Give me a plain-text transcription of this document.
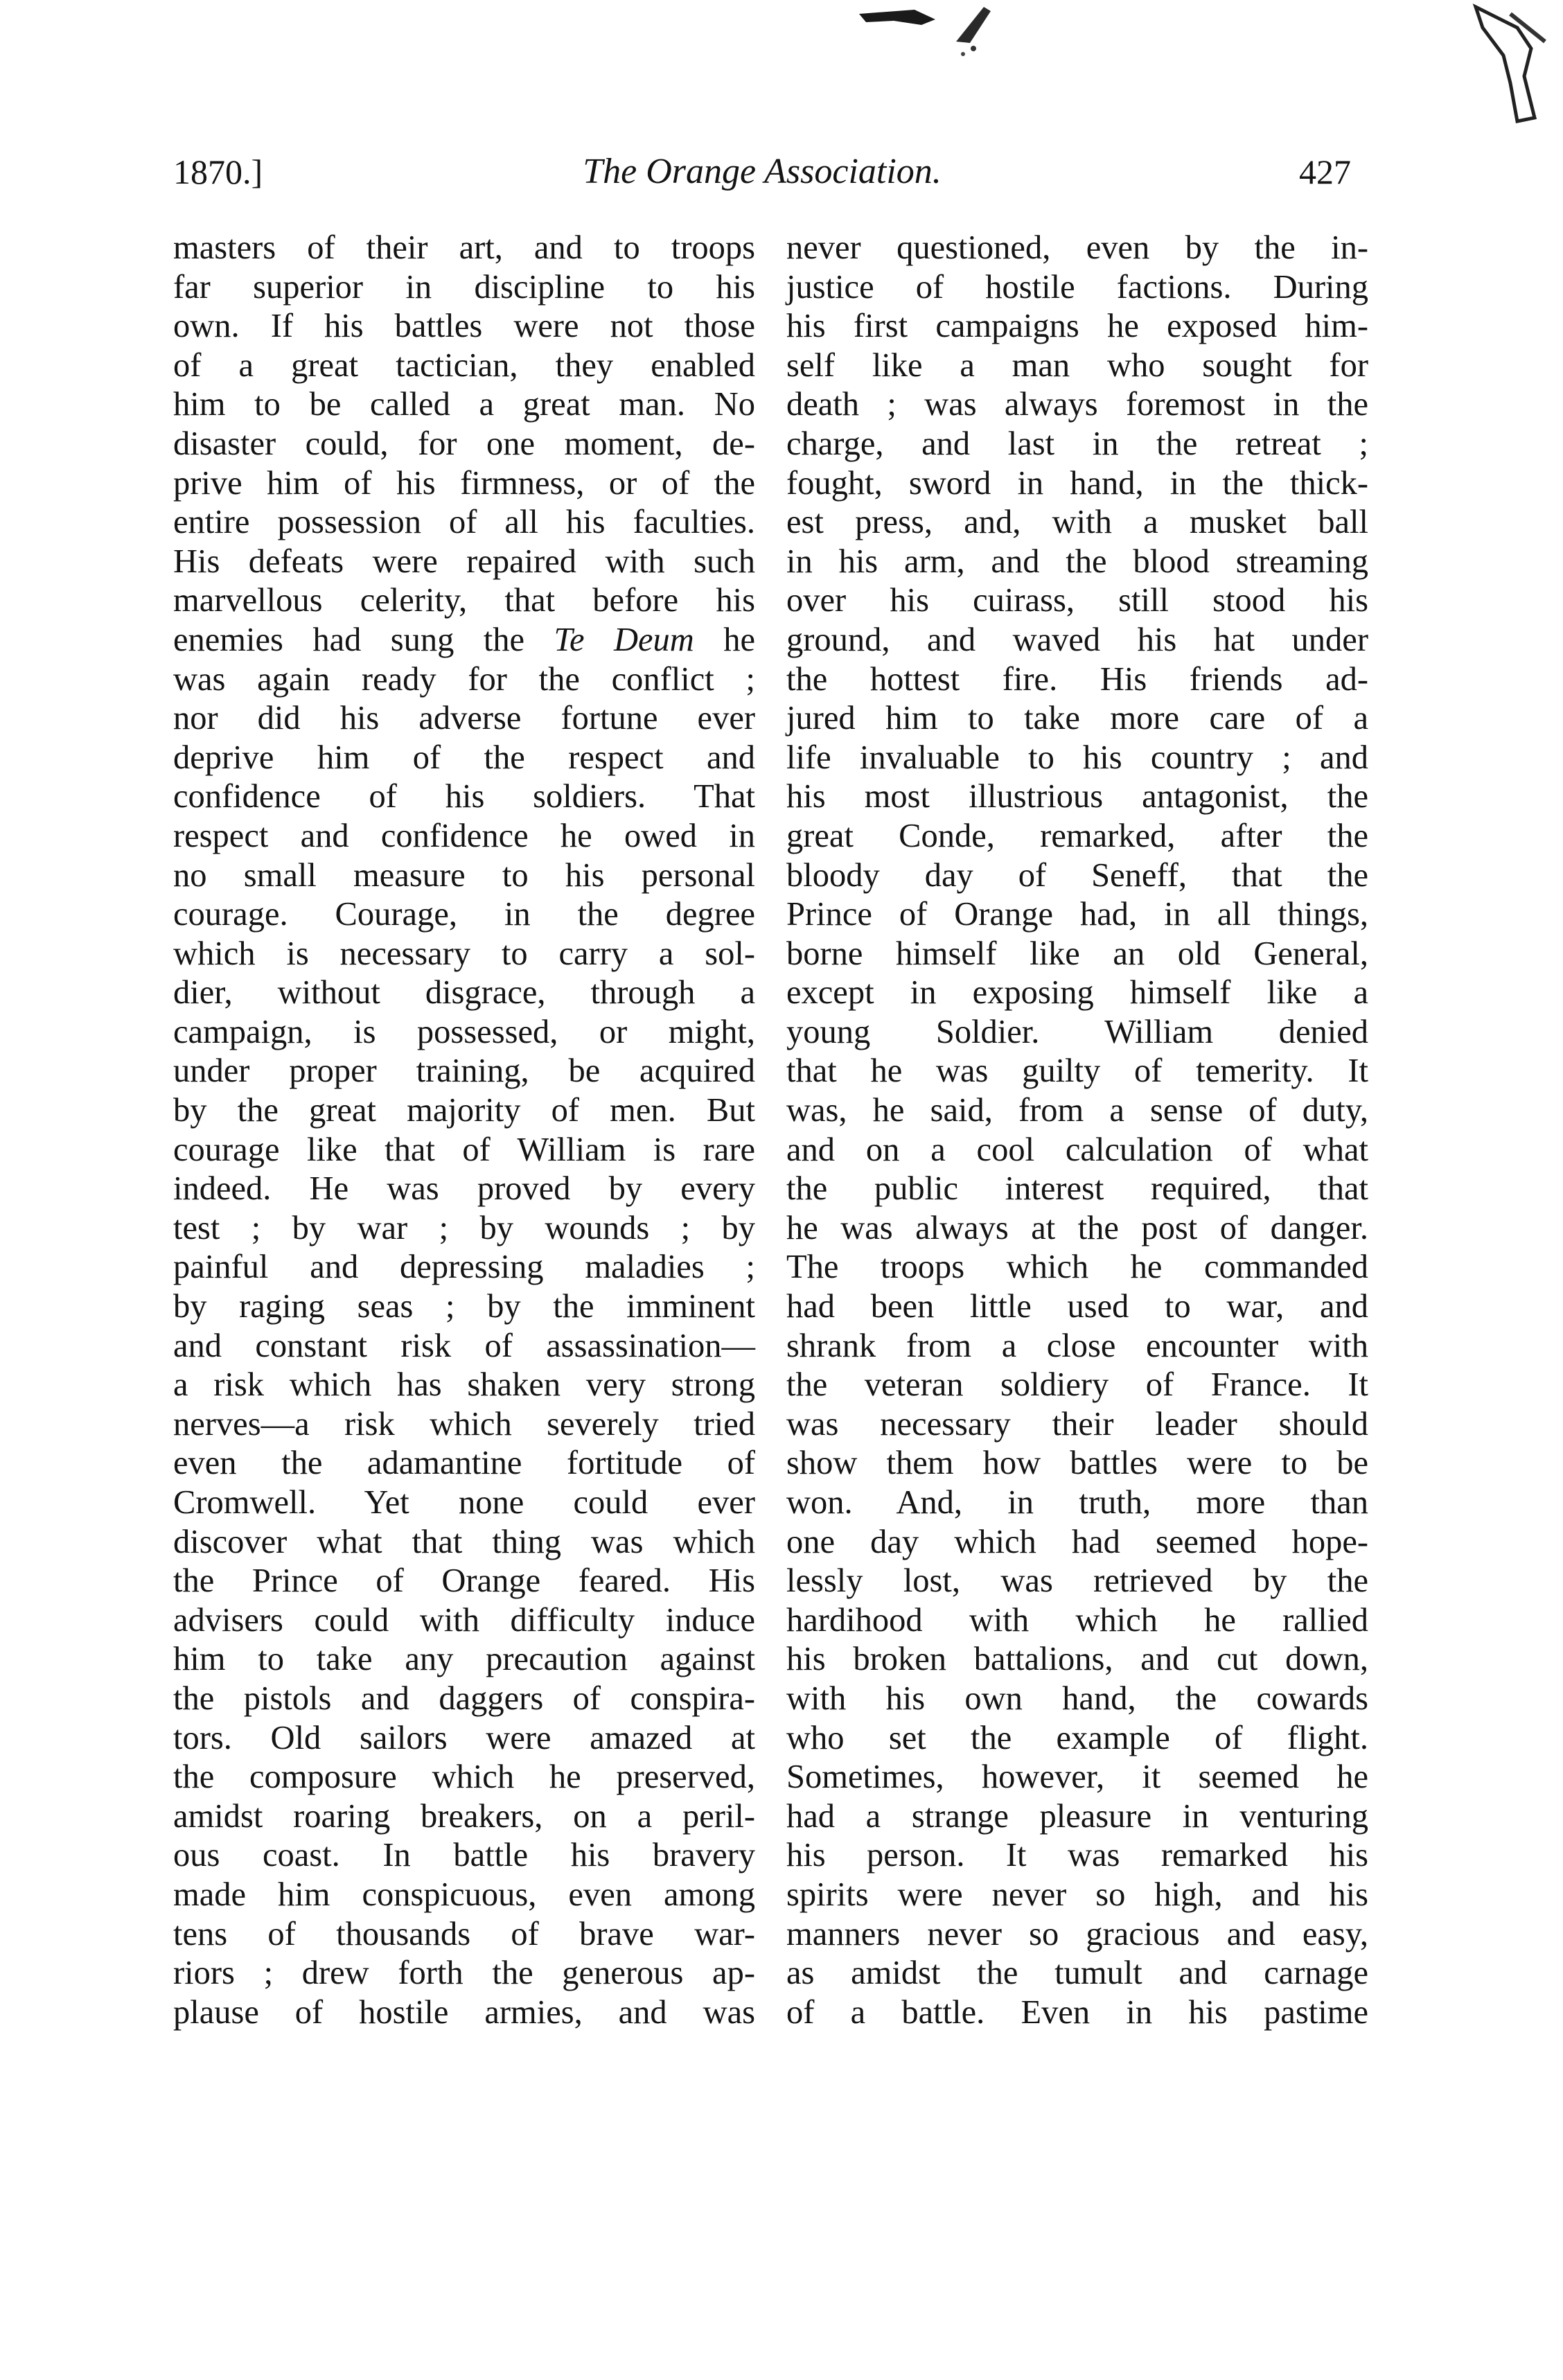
1870.]	The Orange Association.	427
masters of their art, and to troops
far superior in discipline to his
own. If his battles were not those
of a great tactician, they enabled
him to be called a great man. No
disaster could, for one moment, de-
prive him of his firmness, or of the
entire possession of all his faculties.
His defeats were repaired with such
marvellous celerity, that before his
enemies had sung the Te Deum he
was again ready for the conflict ;
nor did his adverse fortune ever
deprive him of the respect and
confidence of his soldiers. That
respect and confidence he owed in
no small measure to his personal
courage. Courage, in the degree
which is necessary to carry a sol-
dier, without disgrace, through a
campaign, is possessed, or might,
under proper training, be acquired
by the great majority of men. But
courage like that of William is rare
indeed. He was proved by every
test ; by war ; by wounds ; by
painful and depressing maladies ;
by raging seas ; by the imminent
and constant risk of assassination—
a risk which has shaken very strong
nerves—a risk which severely tried
even the adamantine fortitude of
Cromwell. Yet none could ever
discover what that thing was which
the Prince of Orange feared. His
advisers could with difficulty induce
him to take any precaution against
the pistols and daggers of conspira-
tors. Old sailors were amazed at
the composure which he preserved,
amidst roaring breakers, on a peril-
ous coast. In battle his bravery
made him conspicuous, even among
tens of thousands of brave war-
riors ; drew forth the generous ap-
plause of hostile armies, and was
never questioned, even by the in-
justice of hostile factions. During
his first campaigns he exposed him-
self like a man who sought for
death ; was always foremost in the
charge, and last in the retreat ;
fought, sword in hand, in the thick-
est press, and, with a musket ball
in his arm, and the blood streaming
over his cuirass, still stood his
ground, and waved his hat under
the hottest fire. His friends ad-
jured him to take more care of a
life invaluable to his country ; and
his most illustrious antagonist, the
great Conde, remarked, after the
bloody day of Seneff, that the
Prince of Orange had, in all things,
borne himself like an old General,
except in exposing himself like a
young Soldier. William denied
that he was guilty of temerity. It
was, he said, from a sense of duty,
and on a cool calculation of what
the public interest required, that
he was always at the post of danger.
The troops which he commanded
had been little used to war, and
shrank from a close encounter with
the veteran soldiery of France. It
was necessary their leader should
show them how battles were to be
won. And, in truth, more than
one day which had seemed hope-
lessly lost, was retrieved by the
hardihood with which he rallied
his broken battalions, and cut down,
with his own hand, the cowards
who set the example of flight.
Sometimes, however, it seemed he
had a strange pleasure in venturing
his person. It was remarked his
spirits were never so high, and his
manners never so gracious and easy,
as amidst the tumult and carnage
of a battle. Even in his pastime
